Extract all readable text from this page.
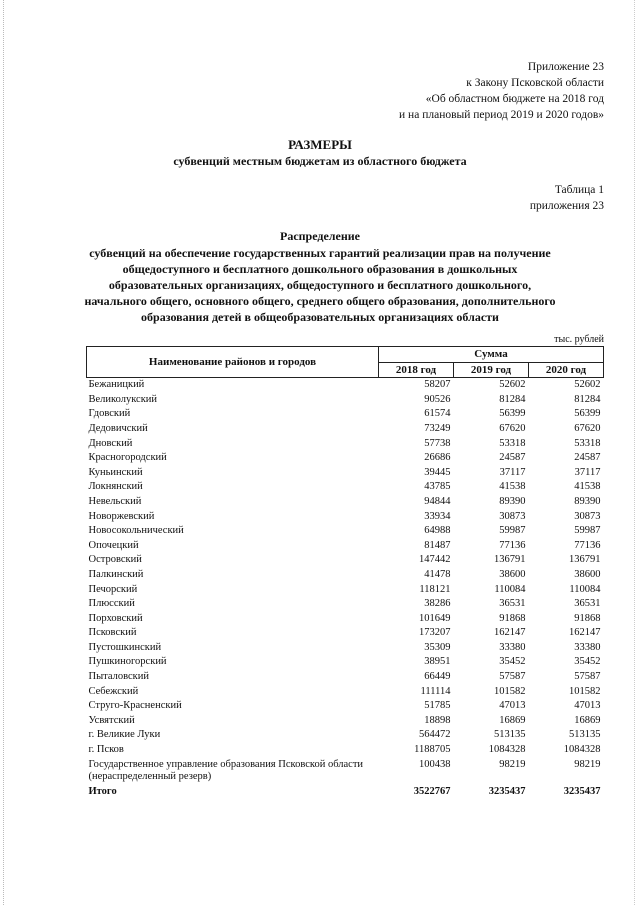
Приложение 23
к Закону Псковской области
«Об областном бюджете на 2018 год
и на плановый период 2019 и 2020 годов»
РАЗМЕРЫ
субвенций местным бюджетам из областного бюджета
Таблица 1
приложения 23
Распределение
субвенций на обеспечение государственных гарантий реализации прав на получение общедоступного и бесплатного дошкольного образования в дошкольных образовательных организациях, общедоступного и бесплатного дошкольного, начального общего, основного общего, среднего общего образования, дополнительного образования детей в общеобразовательных организациях области
тыс. рублей
Наименование районов и городов	Сумма		
	2018 год	2019 год	2020 год
Бежаницкий	58207	52602	52602
Великолукский	90526	81284	81284
Гдовский	61574	56399	56399
Дедовичский	73249	67620	67620
Дновский	57738	53318	53318
Красногородский	26686	24587	24587
Куньинский	39445	37117	37117
Локнянский	43785	41538	41538
Невельский	94844	89390	89390
Новоржевский	33934	30873	30873
Новосокольнический	64988	59987	59987
Опочецкий	81487	77136	77136
Островский	147442	136791	136791
Палкинский	41478	38600	38600
Печорский	118121	110084	110084
Плюсский	38286	36531	36531
Порховский	101649	91868	91868
Псковский	173207	162147	162147
Пустошкинский	35309	33380	33380
Пушкиногорский	38951	35452	35452
Пыталовский	66449	57587	57587
Себежский	111114	101582	101582
Струго-Красненский	51785	47013	47013
Усвятский	18898	16869	16869
г. Великие Луки	564472	513135	513135
г. Псков	1188705	1084328	1084328
Государственное управление образования Псковской области (нераспределенный резерв)	100438	98219	98219
Итого	3522767	3235437	3235437
